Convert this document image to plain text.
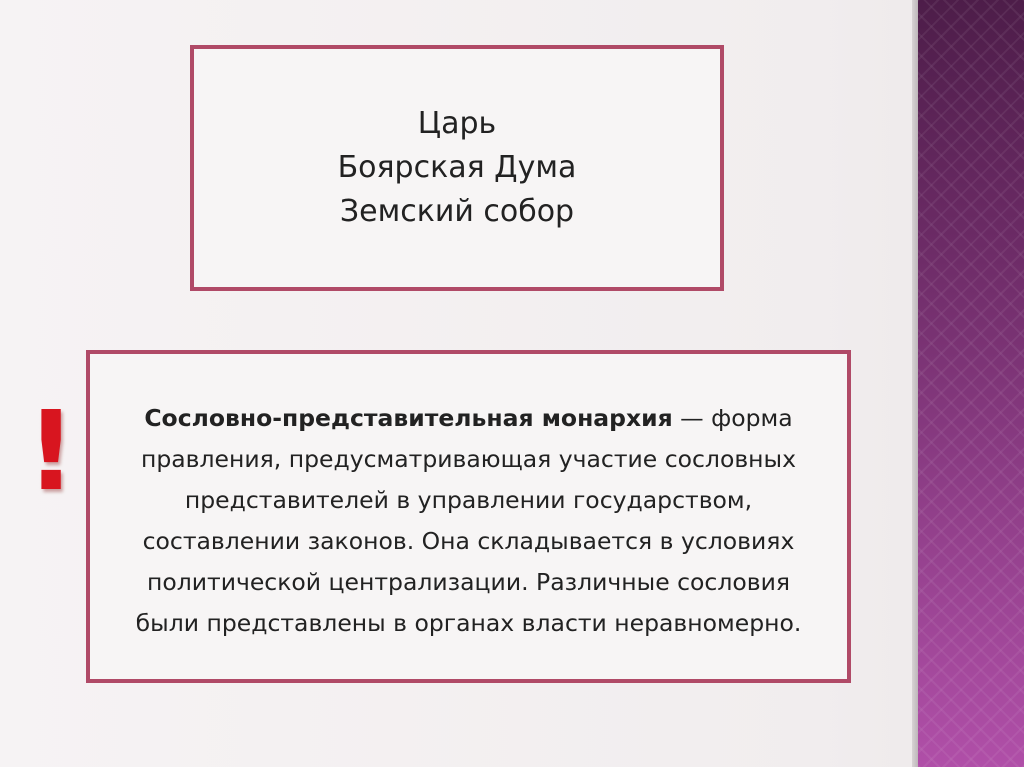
Царь
Боярская Дума
Земский собор
!	Сословно-представительная монархия — форма правления, предусматривающая участие сословных представителей в управлении государством, составлении законов. Она складывается в условиях политической централизации. Различные сословия были представлены в органах власти неравномерно.
